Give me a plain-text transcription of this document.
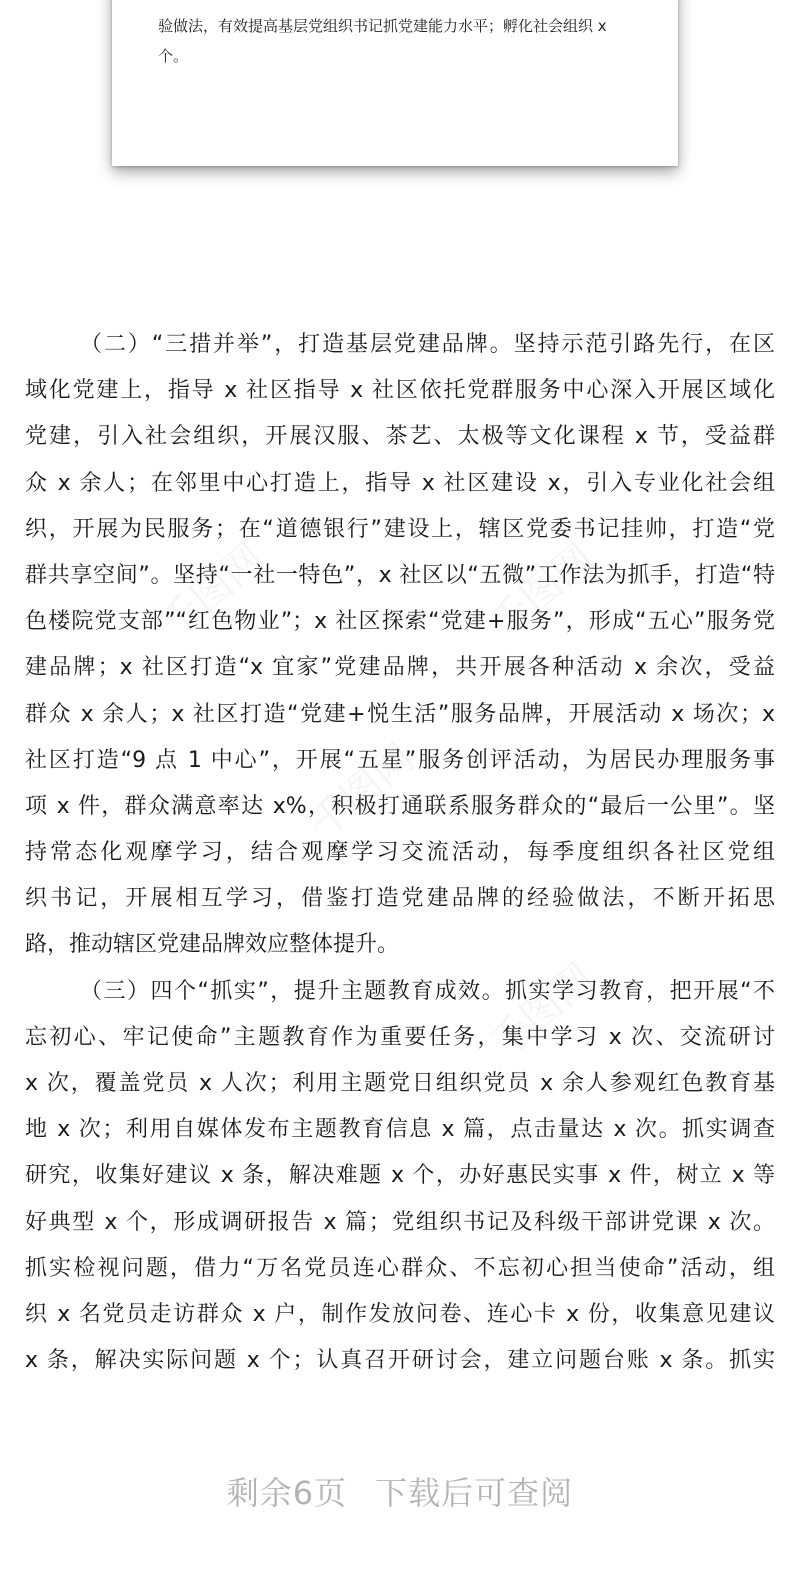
验做法，有效提高基层党组织书记抓党建能力水平；孵化社会组织 x
个。
千图网	千图网
千图网
千图网
（二）“三措并举”，打造基层党建品牌。坚持示范引路先行，在区
域化党建上，指导 x 社区指导 x 社区依托党群服务中心深入开展区域化
党建，引入社会组织，开展汉服、茶艺、太极等文化课程 x 节，受益群
众 x 余人；在邻里中心打造上，指导 x 社区建设 x，引入专业化社会组
织，开展为民服务；在“道德银行”建设上，辖区党委书记挂帅，打造“党
群共享空间”。坚持“一社一特色”，x 社区以“五微”工作法为抓手，打造“特
色楼院党支部”“红色物业”；x 社区探索“党建+服务”，形成“五心”服务党
建品牌；x 社区打造“x 宜家”党建品牌，共开展各种活动 x 余次，受益
群众 x 余人；x 社区打造“党建+悦生活”服务品牌，开展活动 x 场次；x
社区打造“9 点 1 中心”，开展“五星”服务创评活动，为居民办理服务事
项 x 件，群众满意率达 x%，积极打通联系服务群众的“最后一公里”。坚
持常态化观摩学习，结合观摩学习交流活动，每季度组织各社区党组
织书记，开展相互学习，借鉴打造党建品牌的经验做法，不断开拓思
路，推动辖区党建品牌效应整体提升。
（三）四个“抓实”，提升主题教育成效。抓实学习教育，把开展“不
忘初心、牢记使命”主题教育作为重要任务，集中学习 x 次、交流研讨
x 次，覆盖党员 x 人次；利用主题党日组织党员 x 余人参观红色教育基
地 x 次；利用自媒体发布主题教育信息 x 篇，点击量达 x 次。抓实调查
研究，收集好建议 x 条，解决难题 x 个，办好惠民实事 x 件，树立 x 等
好典型 x 个，形成调研报告 x 篇；党组织书记及科级干部讲党课 x 次。
抓实检视问题，借力“万名党员连心群众、不忘初心担当使命”活动，组
织 x 名党员走访群众 x 户，制作发放问卷、连心卡 x 份，收集意见建议
x 条，解决实际问题 x 个；认真召开研讨会，建立问题台账 x 条。抓实
剩余6页 下载后可查阅
